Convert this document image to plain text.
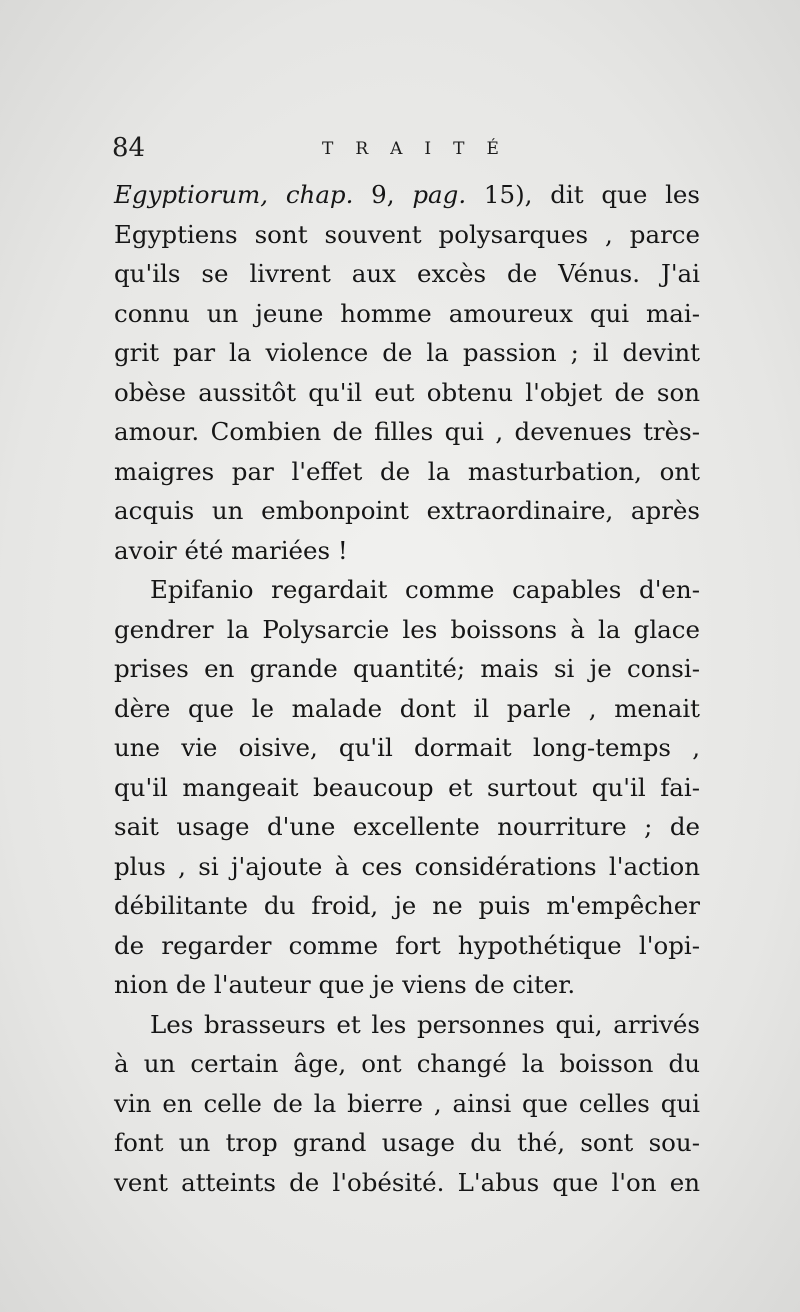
84	TRAITÉ
Egyptiorum, chap. 9, pag. 15), dit que les
Egyptiens sont souvent polysarques , parce
qu'ils se livrent aux excès de Vénus. J'ai
connu un jeune homme amoureux qui mai-
grit par la violence de la passion ; il devint
obèse aussitôt qu'il eut obtenu l'objet de son
amour. Combien de filles qui , devenues très-
maigres par l'effet de la masturbation, ont
acquis un embonpoint extraordinaire, après
avoir été mariées !
Epifanio regardait comme capables d'en-
gendrer la Polysarcie les boissons à la glace
prises en grande quantité; mais si je consi-
dère que le malade dont il parle , menait
une vie oisive, qu'il dormait long-temps ,
qu'il mangeait beaucoup et surtout qu'il fai-
sait usage d'une excellente nourriture ; de
plus , si j'ajoute à ces considérations l'action
débilitante du froid, je ne puis m'empêcher
de regarder comme fort hypothétique l'opi-
nion de l'auteur que je viens de citer.
Les brasseurs et les personnes qui, arrivés
à un certain âge, ont changé la boisson du
vin en celle de la bierre , ainsi que celles qui
font un trop grand usage du thé, sont sou-
vent atteints de l'obésité. L'abus que l'on en
